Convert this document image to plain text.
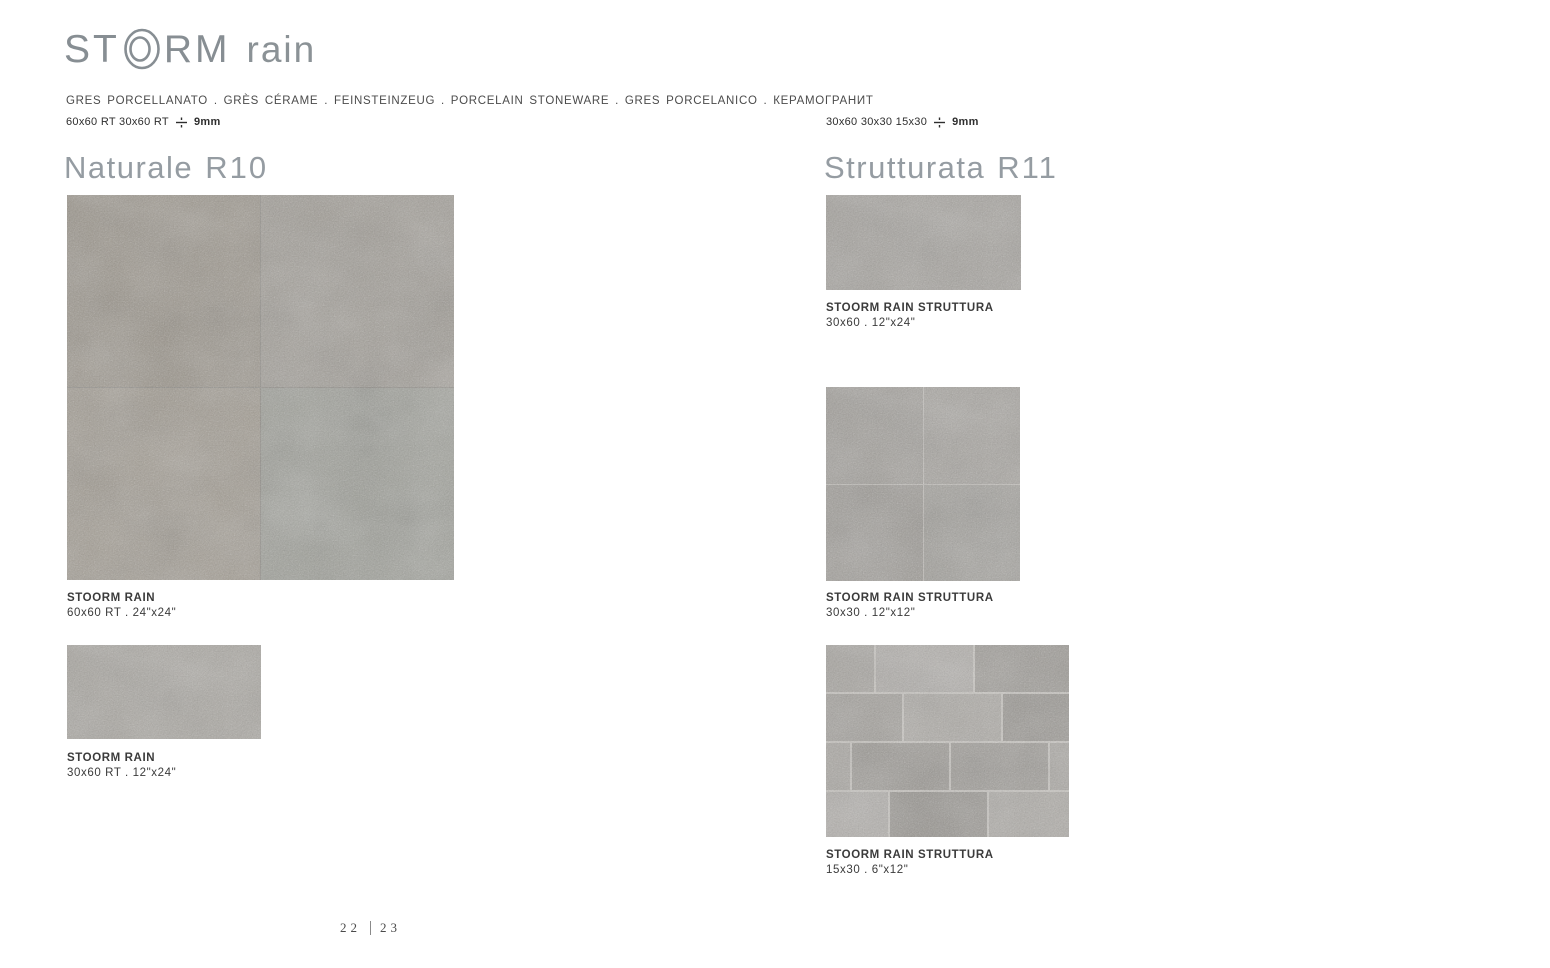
ST RM rain
GRES PORCELLANATO . GRÈS CÉRAME . FEINSTEINZEUG . PORCELAIN STONEWARE . GRES PORCELANICO . КЕРАМОГРАНИТ
60x60 RT 30x60 RT 9mm	30x60 30x30 15x30 9mm
Naturale R10	Strutturata R11
STOORM RAIN
60x60 RT . 24"x24"
STOORM RAIN
30x60 RT . 12"x24"
STOORM RAIN STRUTTURA
30x60 . 12"x24"
STOORM RAIN STRUTTURA
30x30 . 12"x12"
STOORM RAIN STRUTTURA
15x30 . 6"x12"
22 23
